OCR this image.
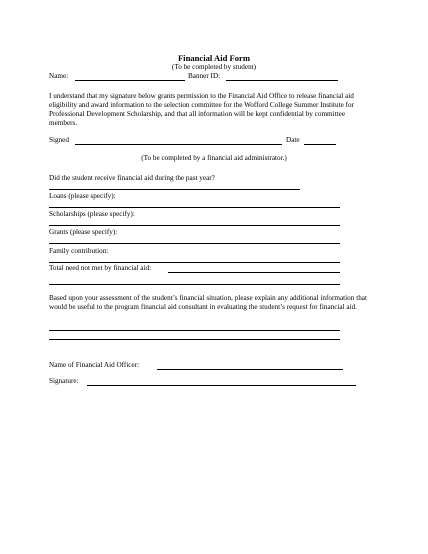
Financial Aid Form
(To be completed by student)
Name:	Banner ID:
I understand that my signature below grants permission to the Financial Aid Office to release financial aid eligibility and award information to the selection committee for the Wofford College Summer Institute for Professional Development Scholarship, and that all information will be kept confidential by committee members.
Signed	Date
(To be completed by a financial aid administrator.)
Did the student receive financial aid during the past year?
Loans (please specify):
Scholarships (please specify):
Grants (please specify):
Family contribution:
Total need not met by financial aid:
Based upon your assessment of the student’s financial situation, please explain any additional information that would be useful to the program financial aid consultant in evaluating the student’s request for financial aid.
Name of Financial Aid Officer:
Signature:
